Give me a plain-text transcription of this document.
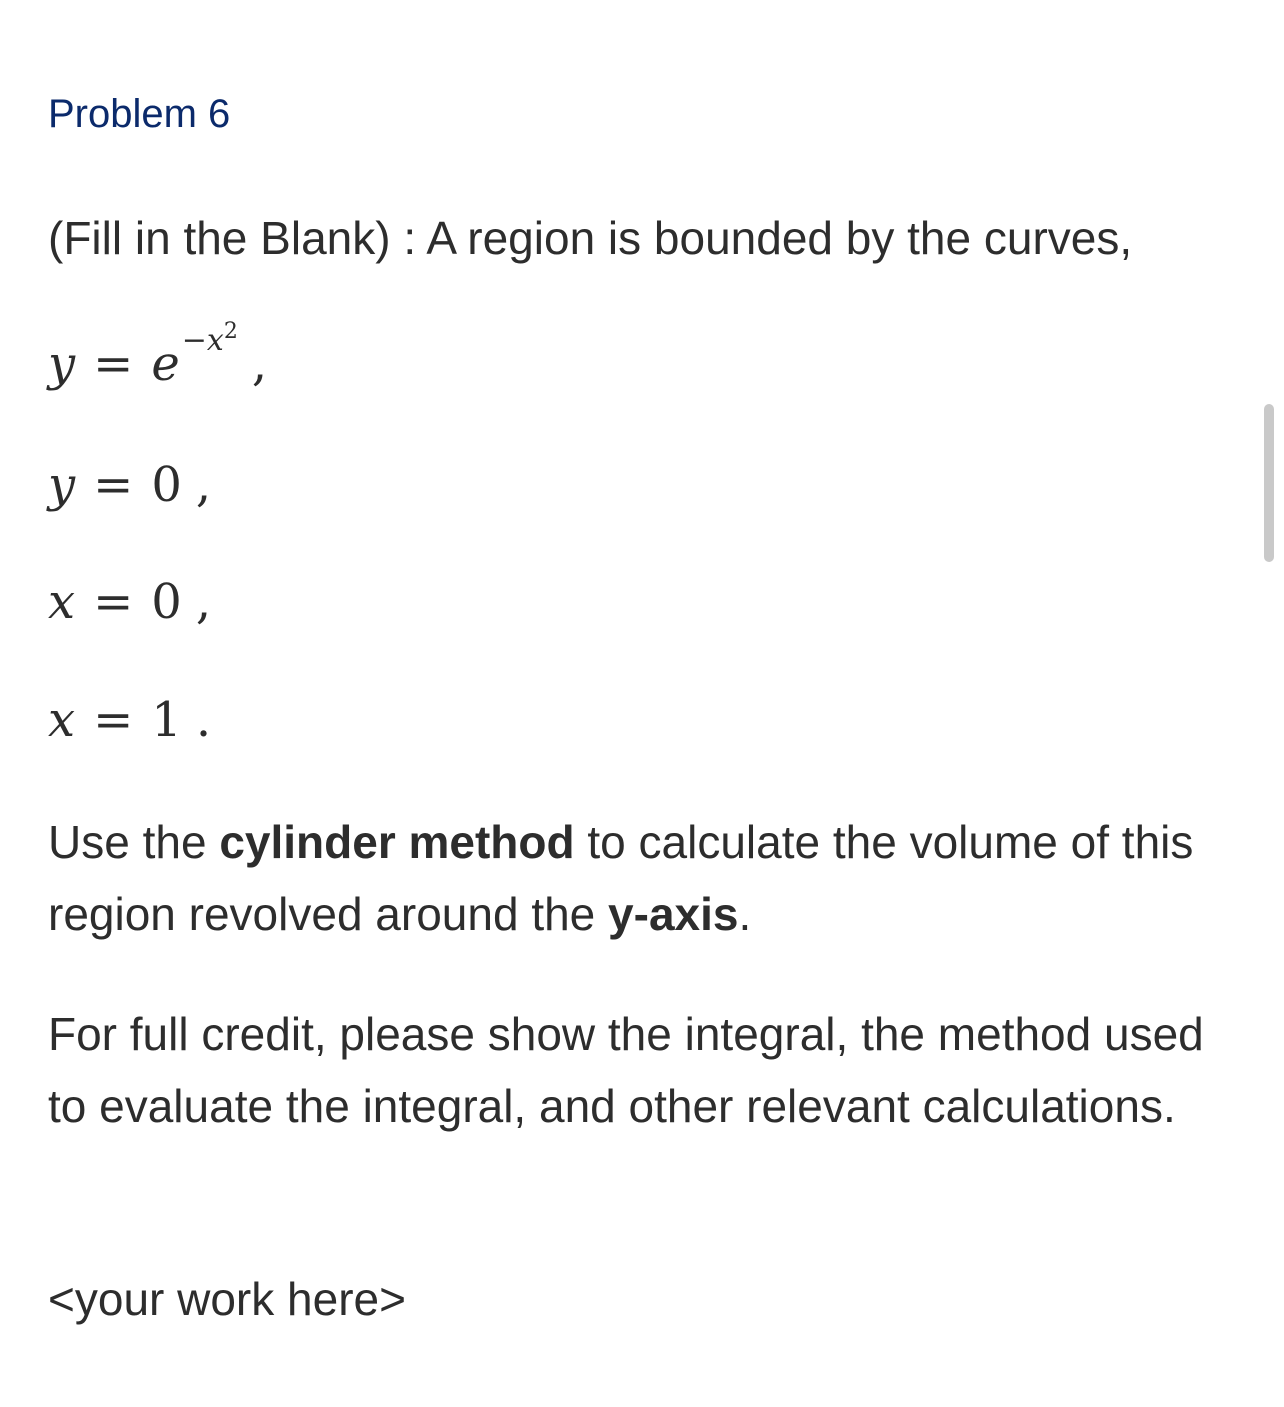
Problem 6
(Fill in the Blank) : A region is bounded by the curves,
$y = e^{-x^2}$,
y = 0 ,
x = 0 ,
x = 1 .
Use the cylinder method to calculate the volume of this region revolved around the y-axis.
For full credit, please show the integral, the method used to evaluate the integral, and other relevant calculations.
<your work here>
